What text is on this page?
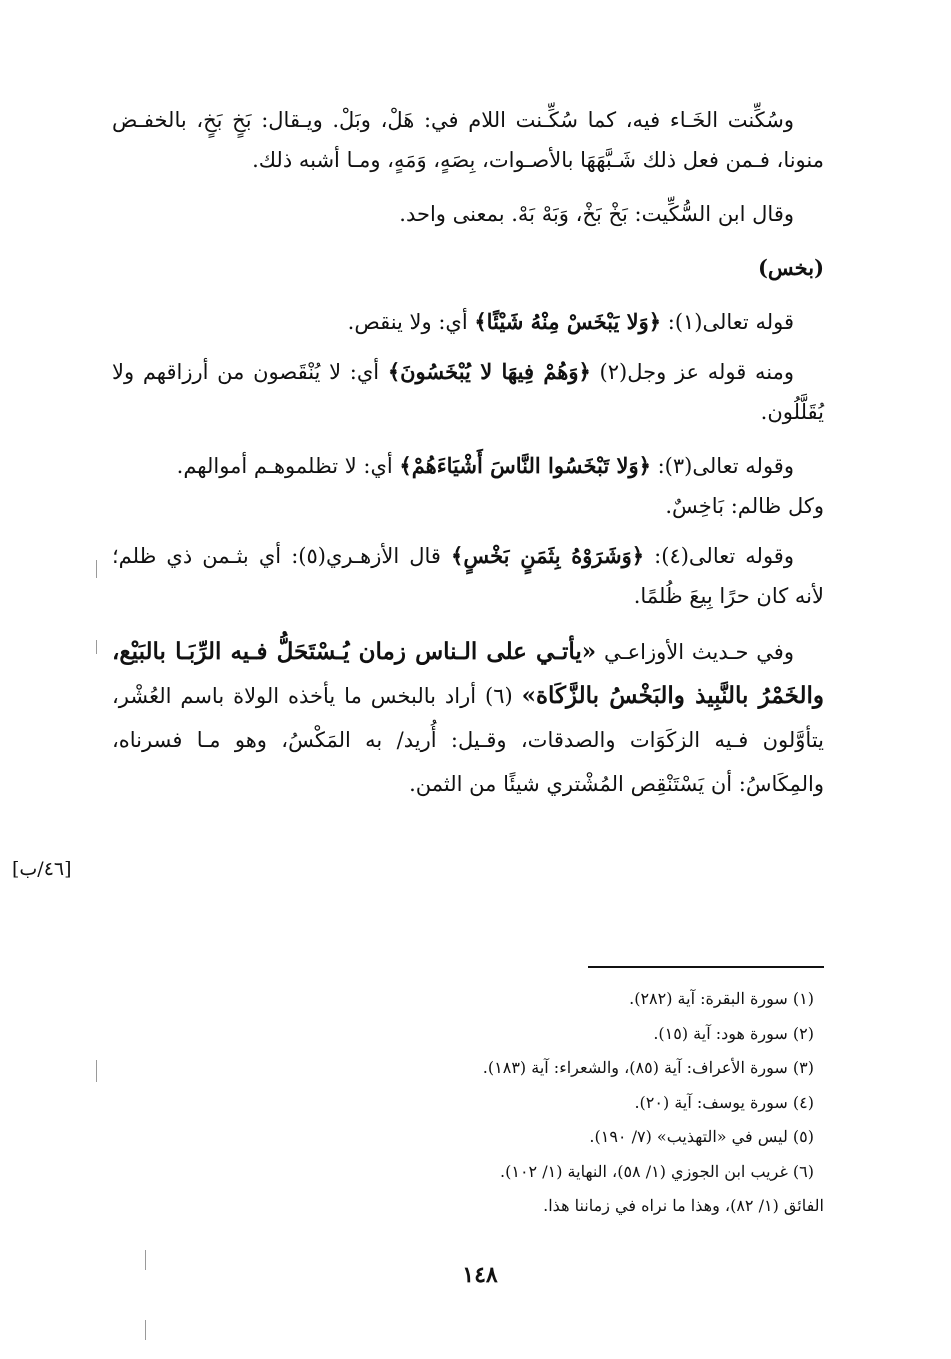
وسُكِّنت الخَـاء فيه، كما سُكِّـنت اللام في: هَلْ، وبَلْ. ويـقال: بَخٍ بَخٍ، بالخفـض منونا، فـمن فعل ذلك شَـبَّهَهَا بالأصـوات، بِصَهٍ، وَمَهٍ، ومـا أشبه ذلك.

وقال ابن السُّكِّيت: بَخْ بَخْ، وَبَهْ بَهْ. بمعنى واحد.

(بخس)

قوله تعالى(١): ﴿وَلا يَبْخَسْ مِنْهُ شَيْئًا﴾ أي: ولا ينقص.

ومنه قوله عز وجل(٢) ﴿وَهُمْ فِيهَا لا يُبْخَسُونَ﴾ أي: لا يُنْقَصون من أرزاقهم ولا يُقَلَّلُون.

وقوله تعالى(٣): ﴿وَلا تَبْخَسُوا النَّاسَ أَشْيَاءَهُمْ﴾ أي: لا تظلموهـم أموالهم.

وكل ظالم: بَاخِسٌ.

وقوله تعالى(٤): ﴿وَشَرَوْهُ بِثَمَنٍ بَخْسٍ﴾ قال الأزهـري(٥): أي بثـمن ذي ظلم؛ لأنه كان حرًا بِيعَ ظُلمًا.

وفي حـديث الأوزاعـي «يأتـي على الـناس زمان يُـسْتَحَلُّ فـيه الرِّبَـا بالبَيْع، والخَمْرُ بالنَّبِيذ والبَخْسُ بالزَّكَاة» (٦) أراد بالبخس ما يأخذه الولاة باسم العُشْر، يتأوَّلون فـيه الزكَوَات والصدقات، وقـيل: أُريد/ به المَكْسُ، وهو مـا فسرناه، والمِكَاسُ: أن يَسْتَنْقِص المُشْتري شيئًا من الثمن.

[٤٦/ب]

(١) سورة البقرة: آية (٢٨٢).

(٢) سورة هود: آية (١٥).

(٣) سورة الأعراف: آية (٨٥)، والشعراء: آية (١٨٣).

(٤) سورة يوسف: آية (٢٠).

(٥) ليس في «التهذيب» (٧/ ١٩٠).

(٦) غريب ابن الجوزي (١/ ٥٨)، النهاية (١/ ١٠٢).

الفائق (١/ ٨٢)، وهذا ما نراه في زماننا هذا.

١٤٨
